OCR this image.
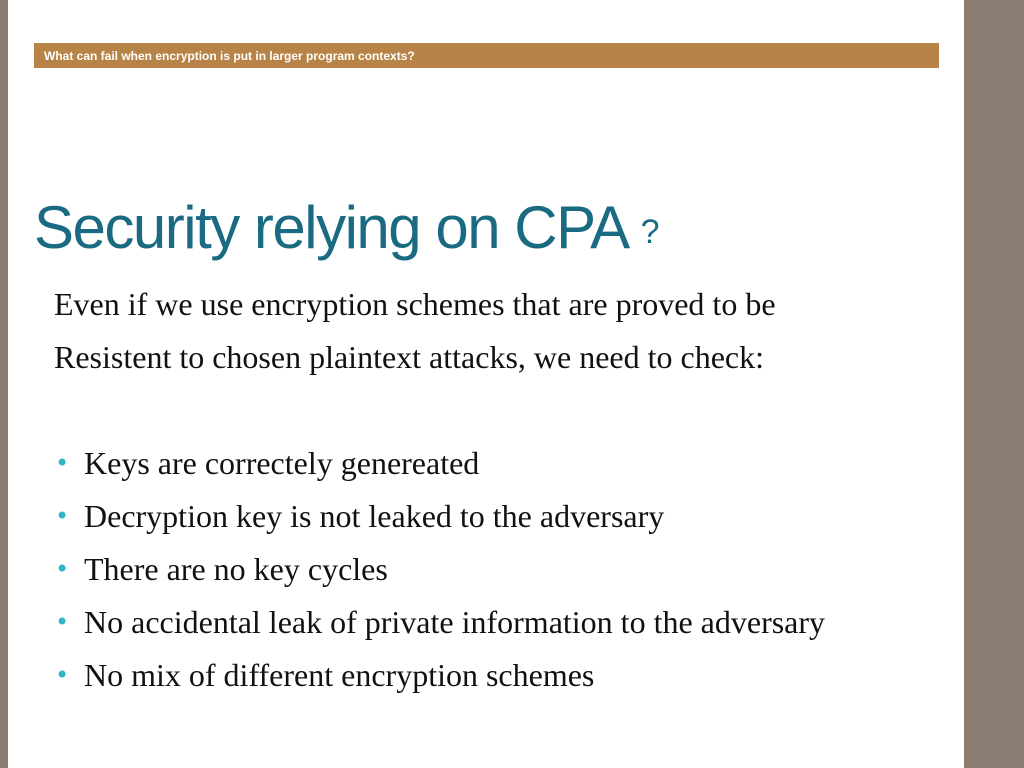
What can fail when encryption is put in larger program contexts?
Security relying on CPA ?
Even if we use encryption schemes that are proved to be
Resistent to chosen plaintext attacks, we need to check:
• Keys are correctely genereated
• Decryption key is not leaked to the adversary
• There are no key cycles
• No accidental leak of private information to the adversary
• No mix of different encryption schemes
